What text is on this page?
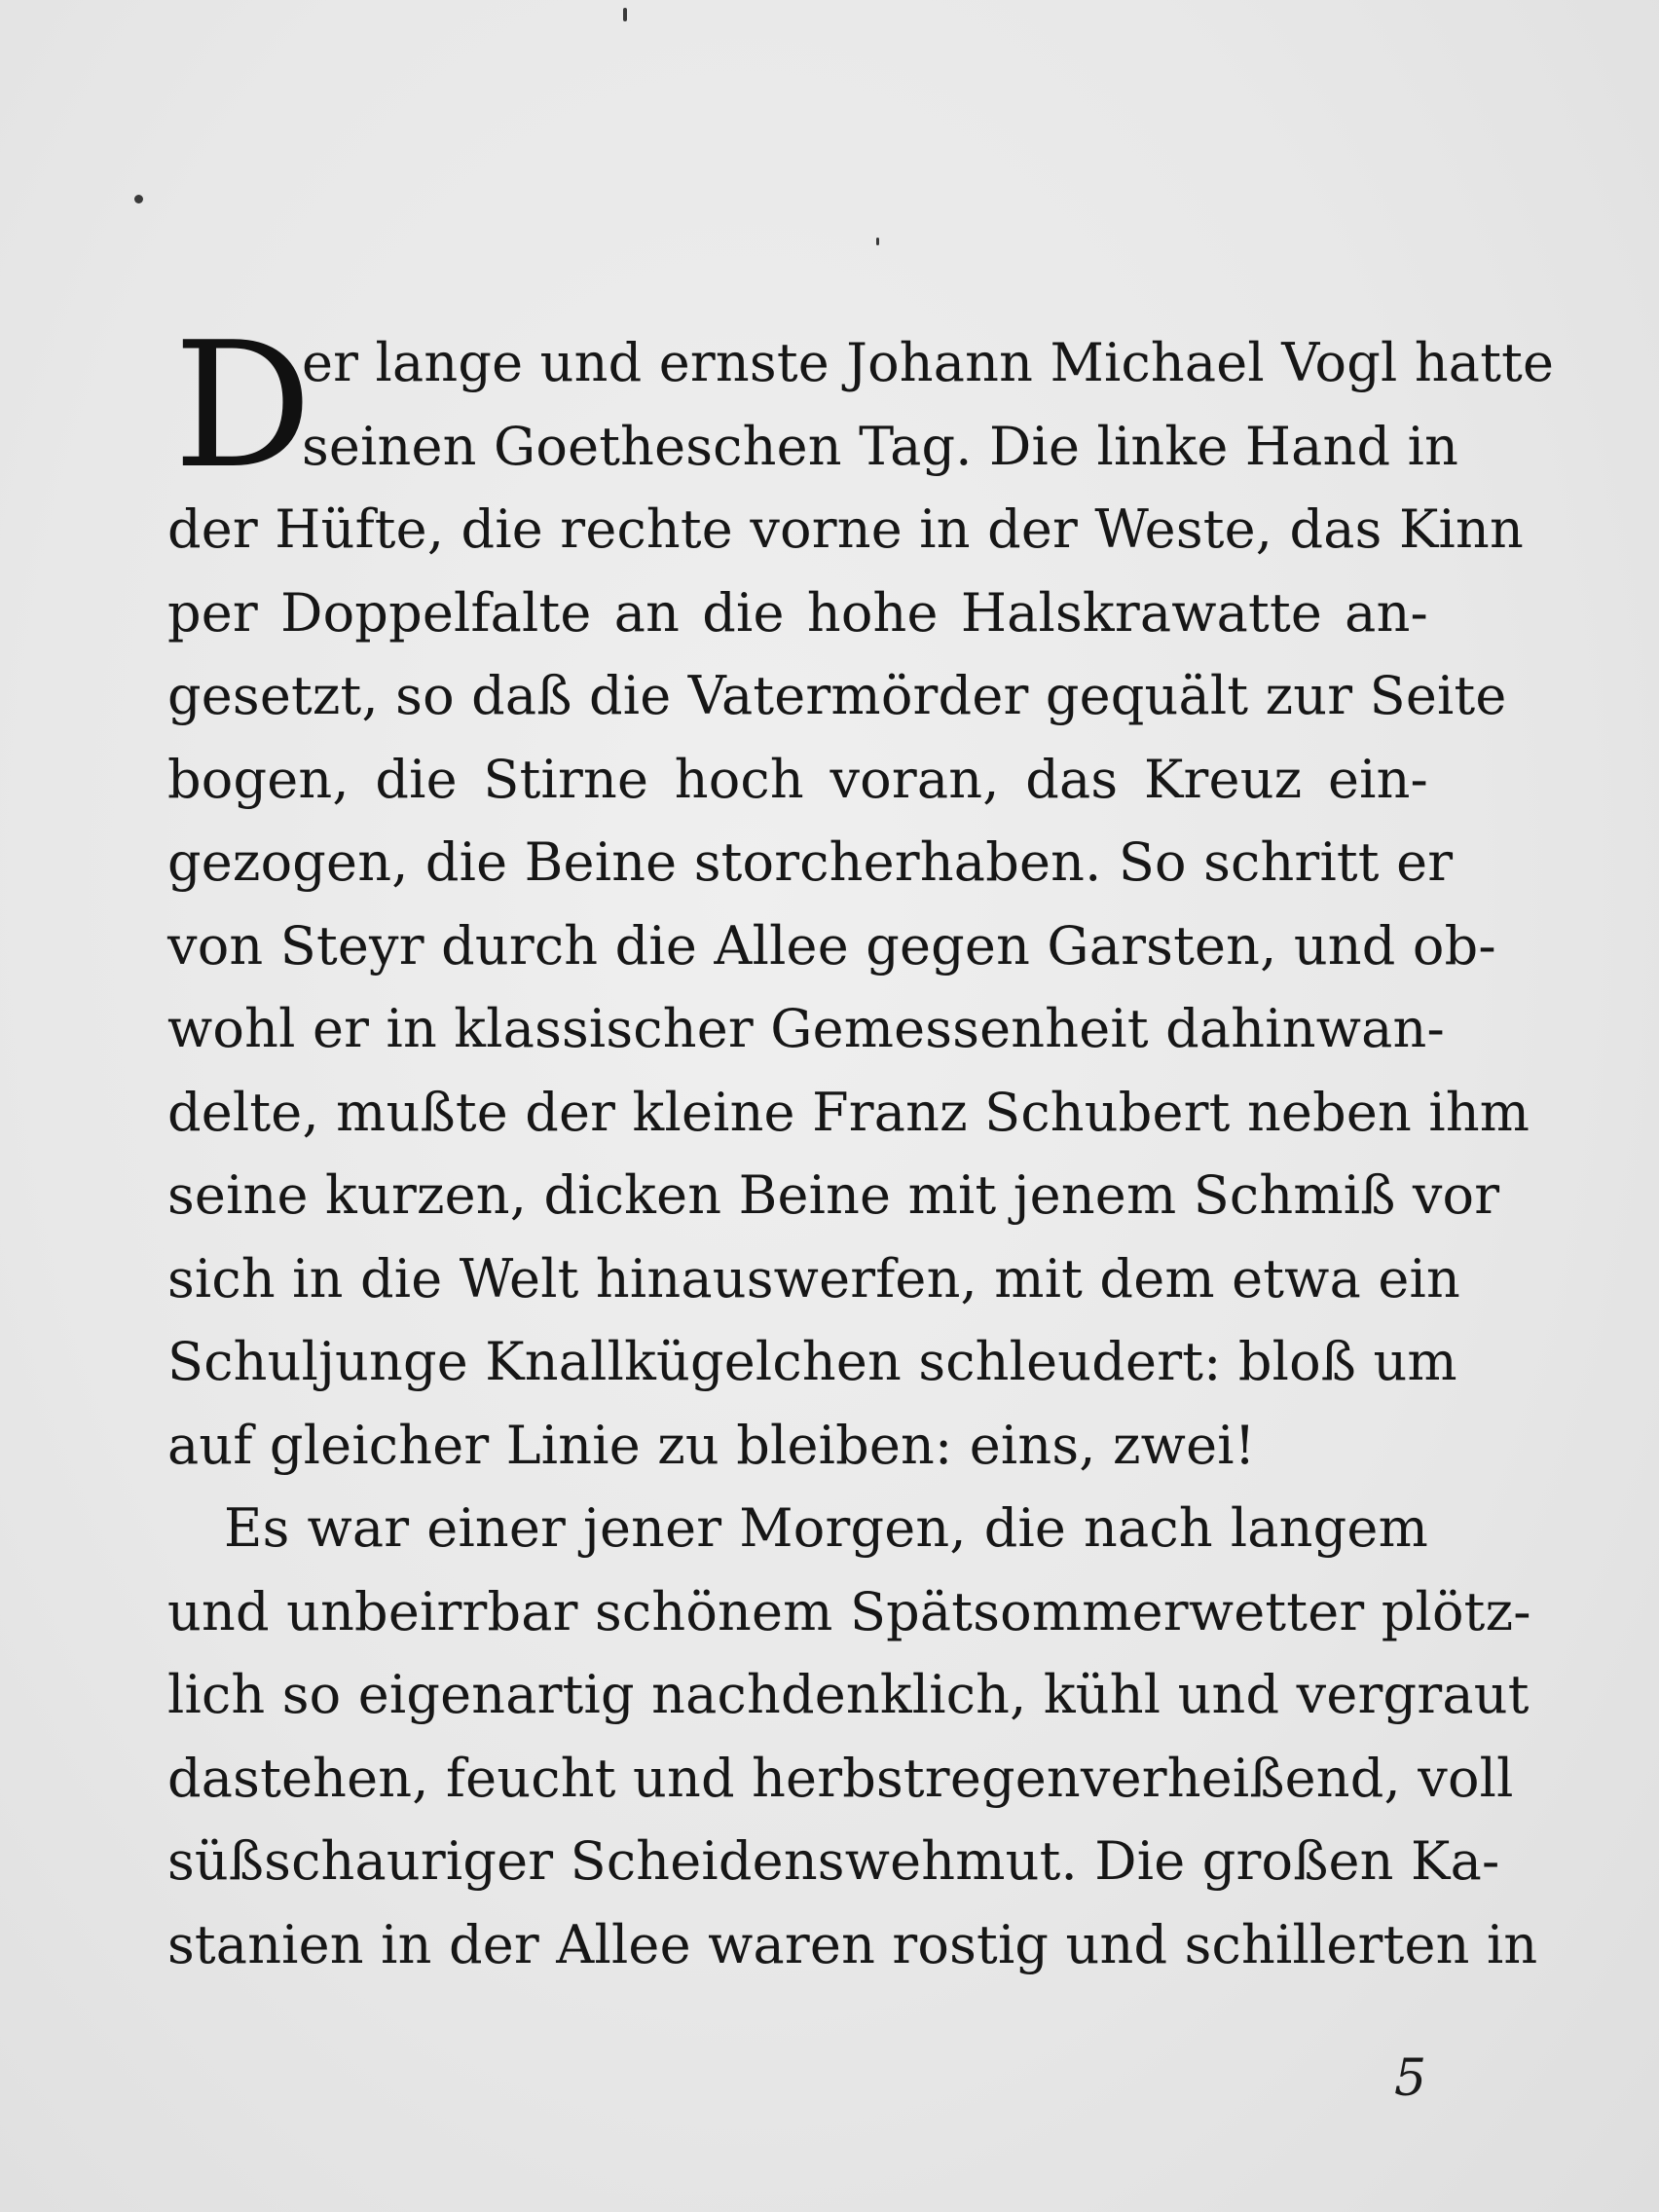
D
er lange und ernste Johann Michael Vogl hatte
seinen Goetheschen Tag. Die linke Hand in
der Hüfte, die rechte vorne in der Weste, das Kinn
per Doppelfalte an die hohe Halskrawatte an-
gesetzt, so daß die Vatermörder gequält zur Seite
bogen, die Stirne hoch voran, das Kreuz ein-
gezogen, die Beine storcherhaben. So schritt er
von Steyr durch die Allee gegen Garsten, und ob-
wohl er in klassischer Gemessenheit dahinwan-
delte, mußte der kleine Franz Schubert neben ihm
seine kurzen, dicken Beine mit jenem Schmiß vor
sich in die Welt hinauswerfen, mit dem etwa ein
Schuljunge Knallkügelchen schleudert: bloß um
auf gleicher Linie zu bleiben: eins, zwei!
Es war einer jener Morgen, die nach langem
und unbeirrbar schönem Spätsommerwetter plötz-
lich so eigenartig nachdenklich, kühl und vergraut
dastehen, feucht und herbstregenverheißend, voll
süßschauriger Scheidenswehmut. Die großen Ka-
stanien in der Allee waren rostig und schillerten in
5
